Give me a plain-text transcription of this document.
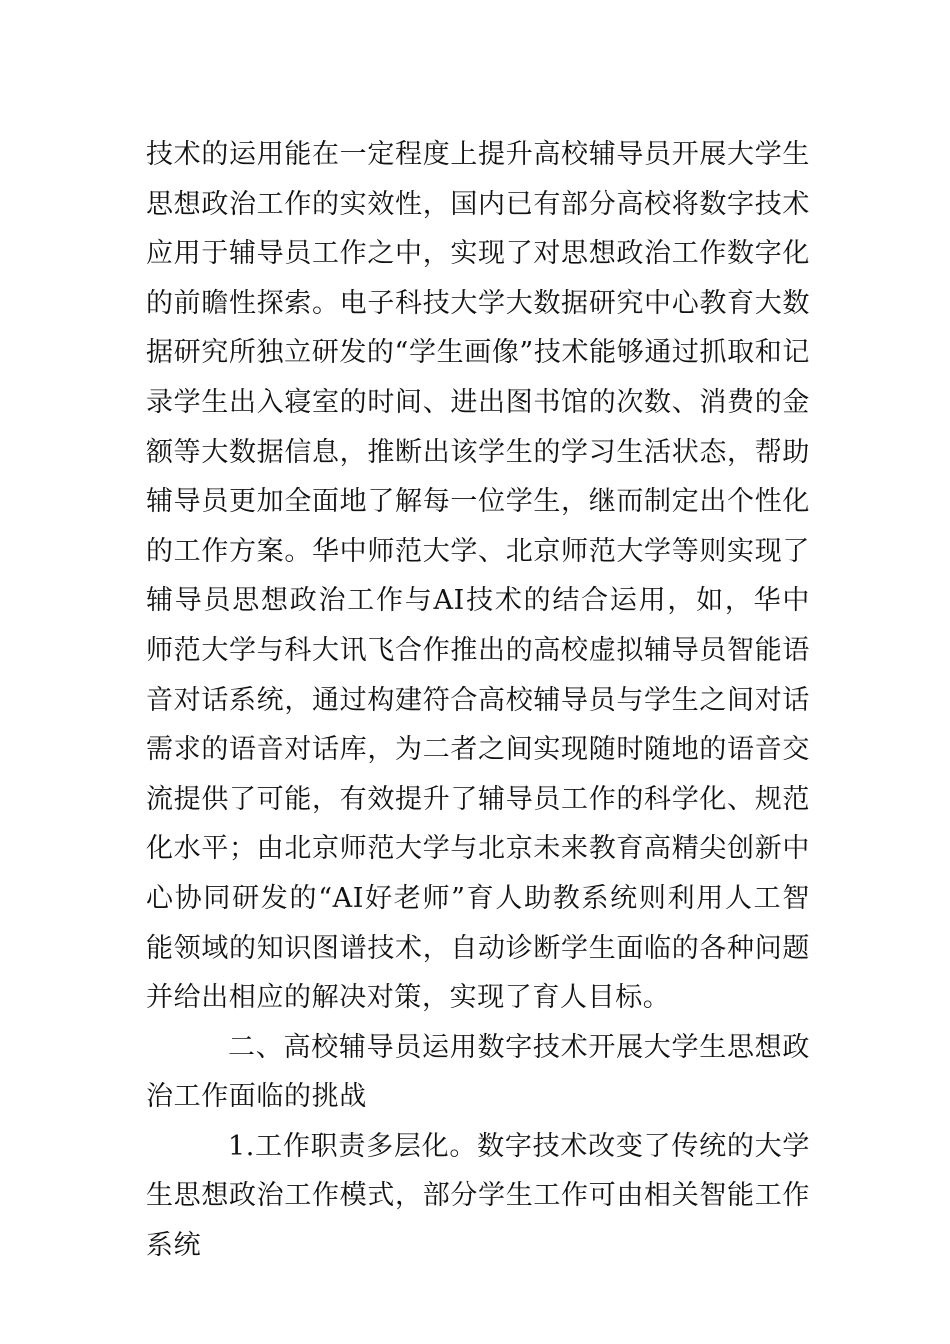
技术的运用能在一定程度上提升高校辅导员开展大学生思想政治工作的实效性，国内已有部分高校将数字技术应用于辅导员工作之中，实现了对思想政治工作数字化的前瞻性探索。电子科技大学大数据研究中心教育大数据研究所独立研发的“学生画像”技术能够通过抓取和记录学生出入寝室的时间、进出图书馆的次数、消费的金额等大数据信息，推断出该学生的学习生活状态，帮助辅导员更加全面地了解每一位学生，继而制定出个性化的工作方案。华中师范大学、北京师范大学等则实现了辅导员思想政治工作与AI技术的结合运用，如，华中师范大学与科大讯飞合作推出的高校虚拟辅导员智能语音对话系统，通过构建符合高校辅导员与学生之间对话需求的语音对话库，为二者之间实现随时随地的语音交流提供了可能，有效提升了辅导员工作的科学化、规范化水平；由北京师范大学与北京未来教育高精尖创新中心协同研发的“AI好老师”育人助教系统则利用人工智能领域的知识图谱技术，自动诊断学生面临的各种问题并给出相应的解决对策，实现了育人目标。

二、高校辅导员运用数字技术开展大学生思想政治工作面临的挑战

1.工作职责多层化。数字技术改变了传统的大学生思想政治工作模式，部分学生工作可由相关智能工作系统
